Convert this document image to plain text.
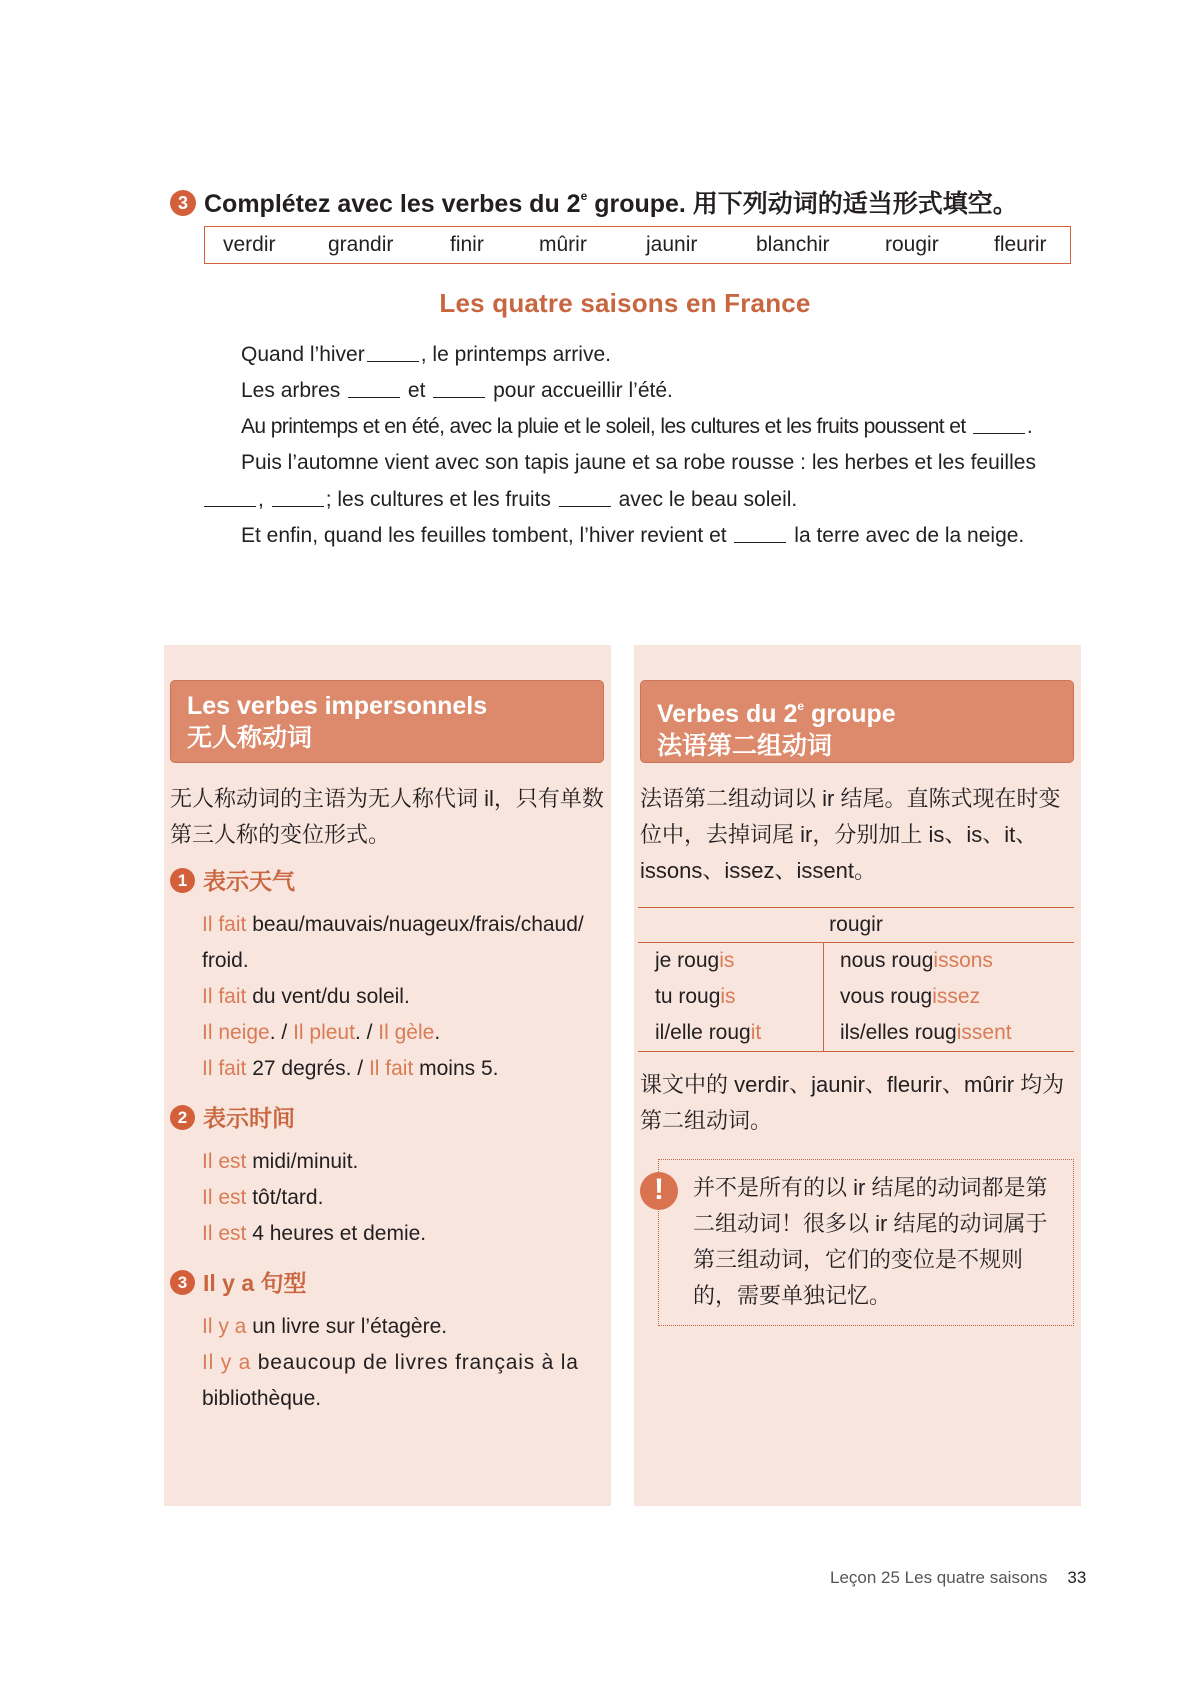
3 Complétez avec les verbes du 2e groupe. 用下列动词的适当形式填空。
verdir grandir	finir	mûrir	jaunir	blanchir	rougir	fleurir
Les quatre saisons en France
Quand l’hiver	, le printemps arrive.
Les arbres	et	pour accueillir l’été.
Au printemps et en été, avec la pluie et le soleil, les cultures et les fruits poussent et	.
Puis l’automne vient avec son tapis jaune et sa robe rousse : les herbes et les feuilles
,	; les cultures et les fruits	avec le beau soleil.
Et enfin, quand les feuilles tombent, l’hiver revient et	la terre avec de la neige.
Les verbes impersonnels
无人称动词
无人称动词的主语为无人称代词 il，只有单数第三人称的变位形式。
1 表示天气
Il fait beau/mauvais/nuageux/frais/chaud/
froid.
Il fait du vent/du soleil.
Il neige. / Il pleut. / Il gèle.
Il fait 27 degrés. / Il fait moins 5.
2 表示时间
Il est midi/minuit.
Il est tôt/tard.
Il est 4 heures et demie.
3 Il y a 句型
Il y a un livre sur l’étagère.
Il y a beaucoup de livres français à la
bibliothèque.
Verbes du 2e groupe
法语第二组动词
法语第二组动词以 ir 结尾。直陈式现在时变位中，去掉词尾 ir，分别加上 is、is、it、issons、issez、issent。
rougir
je rougis	nous rougissons
tu rougis	vous rougissez
il/elle rougit	ils/elles rougissent
课文中的 verdir、jaunir、fleurir、mûrir 均为第二组动词。
!	并不是所有的以 ir 结尾的动词都是第二组动词！很多以 ir 结尾的动词属于第三组动词，它们的变位是不规则的，需要单独记忆。
Leçon 25 Les quatre saisons 33
